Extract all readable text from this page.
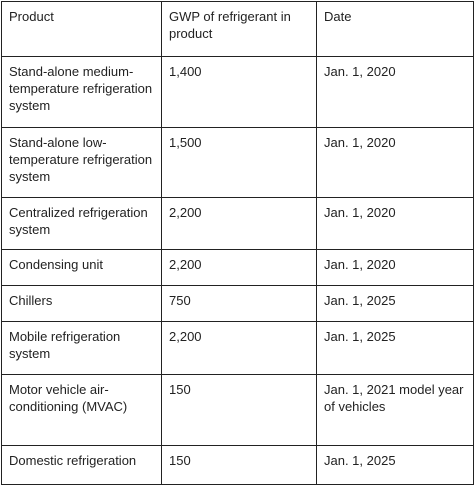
Product	GWP of refrigerant in product	Date
Stand-alone medium-temperature refrigeration system	1,400	Jan. 1, 2020
Stand-alone low-temperature refrigeration system	1,500	Jan. 1, 2020
Centralized refrigeration system	2,200	Jan. 1, 2020
Condensing unit	2,200	Jan. 1, 2020
Chillers	750	Jan. 1, 2025
Mobile refrigeration system	2,200	Jan. 1, 2025
Motor vehicle air-conditioning (MVAC)	150	Jan. 1, 2021 model year of vehicles
Domestic refrigeration	150	Jan. 1, 2025
